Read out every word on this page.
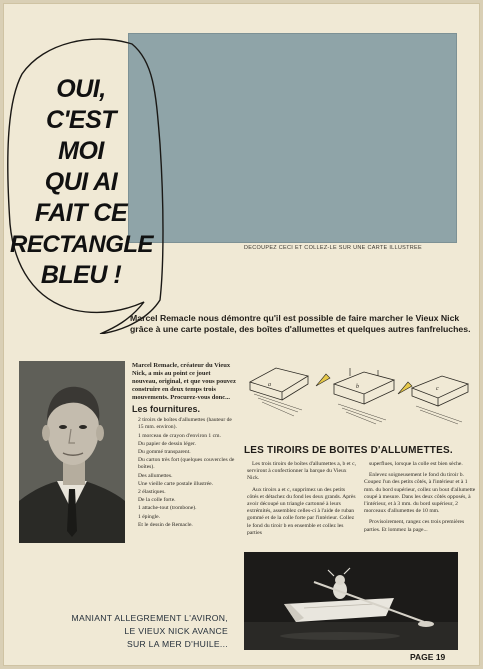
DECOUPEZ CECI ET COLLEZ-LE SUR UNE CARTE ILLUSTREE
OUI,
C'EST
MOI
QUI AI
FAIT CE
RECTANGLE
BLEU !
Marcel Remacle nous démontre qu'il est possible de faire marcher le Vieux Nick grâce à une carte postale, des boîtes d'allumettes et quelques autres fanfreluches.
Marcel Remacle, créateur du Vieux Nick, a mis au point ce jouet nouveau, original, et que vous pouvez construire en deux temps trois mouvements. Procurez-vous donc...
Les fournitures.

2 tiroirs de boîtes d'allumettes (hauteur de 15 mm. environ).

1 morceau de crayon d'environ 1 cm.

Du papier de dessin léger.

Du gommé transparent.

Du carton très fort (quelques couvercles de boîtes).

Des allumettes.

Une vieille carte postale illustrée.

2 élastiques.

De la colle forte.

1 attache-tout (trombone).

1 épingle.

Et le dessin de Remacle.

a	b	c
LES TIROIRS DE BOITES D'ALLUMETTES.

Les trois tiroirs de boîtes d'allumettes a, b et c, serviront à confectionner la barque du Vieux Nick.

Aux tiroirs a et c, supprimez un des petits côtés et détachez du fond les deux grands. Après avoir découpé un triangle cartonné à leurs extrémités, assemblez celles-ci à l'aide de ruban gommé et de la colle forte par l'intérieur. Collez le fond du tiroir b en ensemble et collez les parties

superflues, lorsque la colle est bien sèche.

Enlevez soigneusement le fond du tiroir b. Coupez l'un des petits côtés, à l'intérieur et à 1 mm. du bord supérieur, collez un bout d'allumette coupé à mesure. Dans les deux côtés opposés, à l'intérieur, et à 3 mm. du bord supérieur, 2 morceaux d'allumettes de 10 mm.

Provisoirement, rangez ces trois premières parties. Et lommez la page...

MANIANT ALLEGREMENT L'AVIRON,
LE VIEUX NICK AVANCE
SUR LA MER D'HUILE...
PAGE 19
